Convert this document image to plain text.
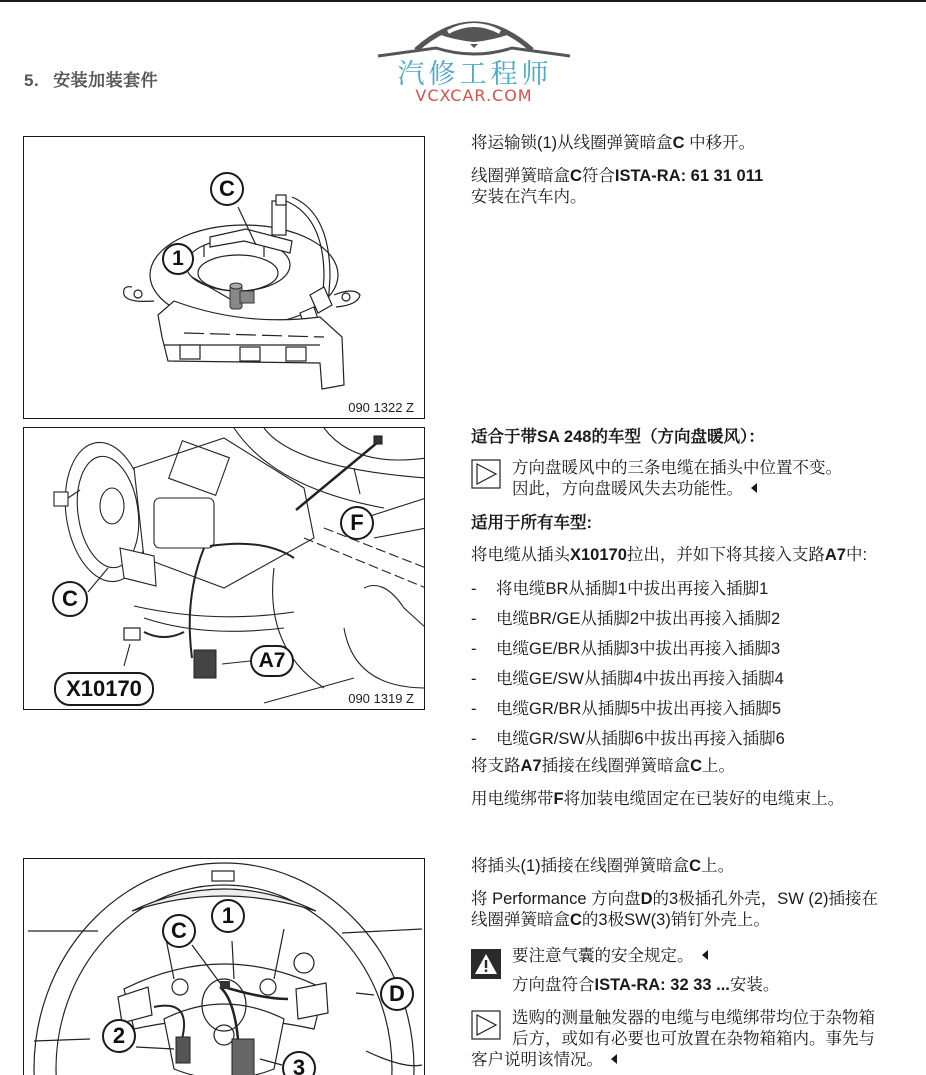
5. 安装加装套件	汽修工程师
VCXCAR.COM
C
1
090 1322 Z
F
C
A7
X10170	090 1319 Z
1
C
D
2
3
将运输锁(1)从线圈弹簧暗盒C 中移开。
线圈弹簧暗盒C符合ISTA-RA: 61 31 011
安装在汽车内。
适合于带SA 248的车型（方向盘暖风）：
方向盘暖风中的三条电缆在插头中位置不变。
因此，方向盘暖风失去功能性。
适用于所有车型:
将电缆从插头X10170拉出，并如下将其接入支路A7中:
- 将电缆BR从插脚1中拔出再接入插脚1
- 电缆BR/GE从插脚2中拔出再接入插脚2
- 电缆GE/BR从插脚3中拔出再接入插脚3
- 电缆GE/SW从插脚4中拔出再接入插脚4
- 电缆GR/BR从插脚5中拔出再接入插脚5
- 电缆GR/SW从插脚6中拔出再接入插脚6
将支路A7插接在线圈弹簧暗盒C上。
用电缆绑带F将加装电缆固定在已装好的电缆束上。
将插头(1)插接在线圈弹簧暗盒C上。
将 Performance 方向盘D的3极插孔外壳，SW (2)插接在
线圈弹簧暗盒C的3极SW(3)销钉外壳上。
要注意气囊的安全规定。
方向盘符合ISTA-RA: 32 33 ...安装。
选购的测量触发器的电缆与电缆绑带均位于杂物箱
后方，或如有必要也可放置在杂物箱箱内。事先与
客户说明该情况。
